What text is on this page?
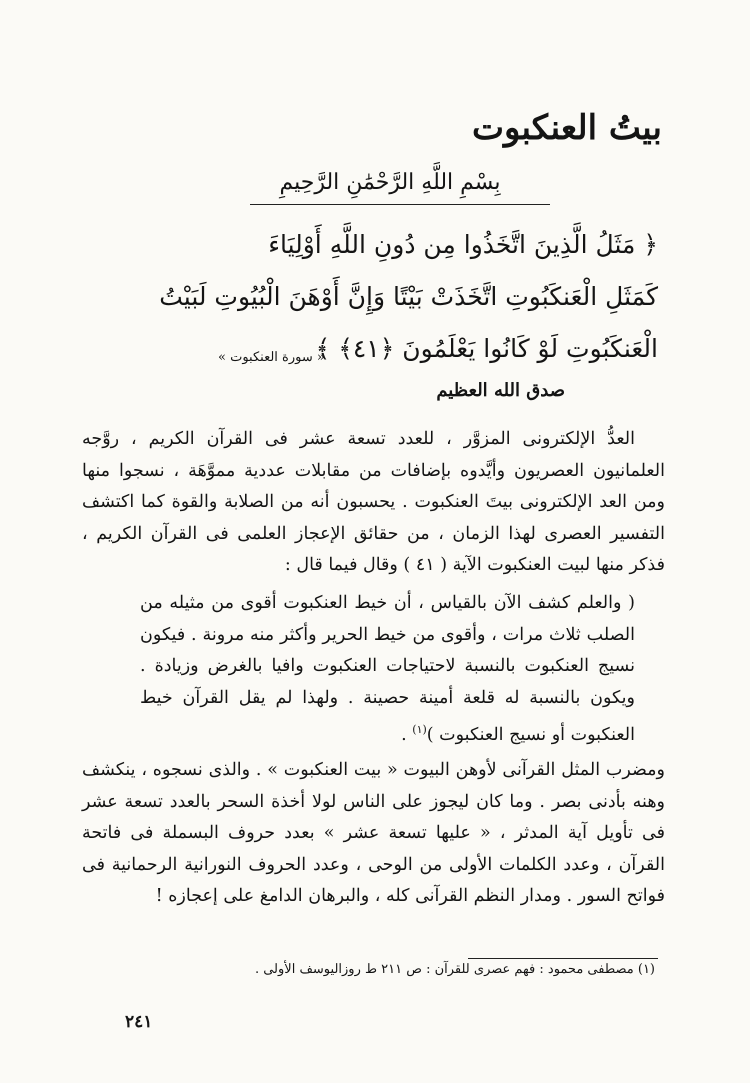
بيتُ العنكبوت
بِسْمِ اللَّهِ الرَّحْمَٰنِ الرَّحِيمِ
﴿ مَثَلُ الَّذِينَ اتَّخَذُوا مِن دُونِ اللَّهِ أَوْلِيَاءَ
كَمَثَلِ الْعَنكَبُوتِ اتَّخَذَتْ بَيْتًا وَإِنَّ أَوْهَنَ الْبُيُوتِ لَبَيْتُ
الْعَنكَبُوتِ لَوْ كَانُوا يَعْلَمُونَ ﴿٤١﴾ ﴾
« سورة العنكبوت »
صدق الله العظيم
العدُّ الإلكترونى المزوَّر ، للعدد تسعة عشر فى القرآن الكريم ، روَّجه العلمانيون العصريون وأيَّدوه بإضافات من مقابلات عددية مموَّهَة ، نسجوا منها ومن العد الإلكترونى بيتَ العنكبوت . يحسبون أنه من الصلابة والقوة كما اكتشف التفسير العصرى لهذا الزمان ، من حقائق الإعجاز العلمى فى القرآن الكريم ، فذكر منها لبيت العنكبوت الآية ( ٤١ ) وقال فيما قال :
( والعلم كشف الآن بالقياس ، أن خيط العنكبوت أقوى من مثيله من الصلب ثلاث مرات ، وأقوى من خيط الحرير وأكثر منه مرونة . فيكون نسيج العنكبوت بالنسبة لاحتياجات العنكبوت وافيا بالغرض وزيادة . ويكون بالنسبة له قلعة أمينة حصينة . ولهذا لم يقل القرآن خيط العنكبوت أو نسيج العنكبوت )$^{(١)}$ .
ومضرب المثل القرآنى لأوهن البيوت « بيت العنكبوت » . والذى نسجوه ، ينكشف وهنه بأدنى بصر . وما كان ليجوز على الناس لولا أخذة السحر بالعدد تسعة عشر فى تأويل آية المدثر ، « عليها تسعة عشر » بعدد حروف البسملة فى فاتحة القرآن ، وعدد الكلمات الأولى من الوحى ، وعدد الحروف النورانية الرحمانية فى فواتح السور . ومدار النظم القرآنى كله ، والبرهان الدامغ على إعجازه !
(١) مصطفى محمود : فهم عصرى للقرآن : ص ٢١١ ط روزاليوسف الأولى .
٢٤١
